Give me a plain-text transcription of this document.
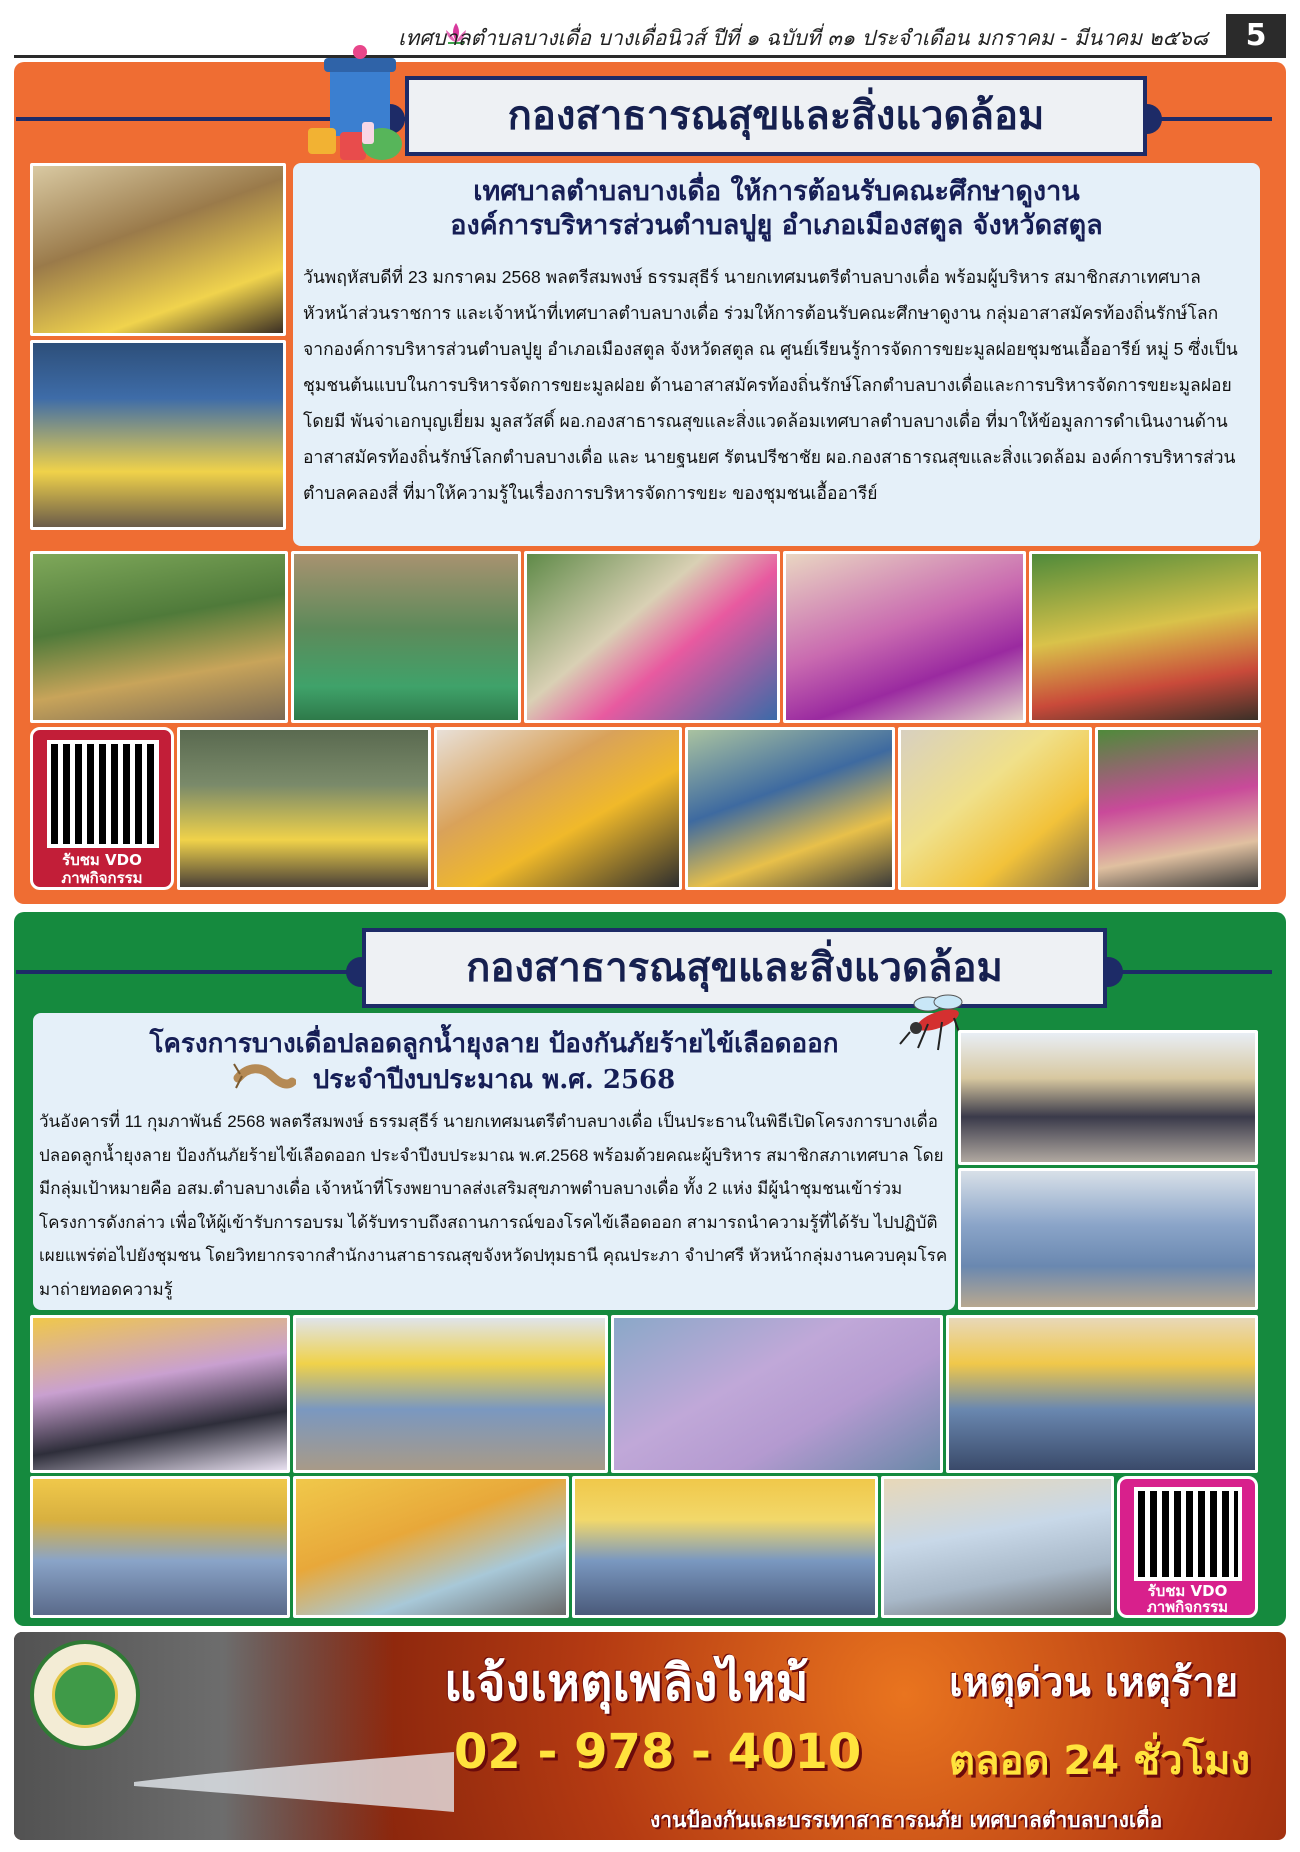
เทศบาลตำบลบางเดื่อ บางเดื่อนิวส์ ปีที่ ๑ ฉบับที่ ๓๑ ประจำเดือน มกราคม - มีนาคม ๒๕๖๘	5
กองสาธารณสุขและสิ่งแวดล้อม
เทศบาลตำบลบางเดื่อ ให้การต้อนรับคณะศึกษาดูงาน
องค์การบริหารส่วนตำบลปูยู อำเภอเมืองสตูล จังหวัดสตูล
วันพฤหัสบดีที่ 23 มกราคม 2568 พลตรีสมพงษ์ ธรรมสุธีร์ นายกเทศมนตรีตำบลบางเดื่อ พร้อมผู้บริหาร สมาชิกสภาเทศบาล หัวหน้าส่วนราชการ และเจ้าหน้าที่เทศบาลตำบลบางเดื่อ ร่วมให้การต้อนรับคณะศึกษาดูงาน กลุ่มอาสาสมัครท้องถิ่นรักษ์โลก จากองค์การบริหารส่วนตำบลปูยู อำเภอเมืองสตูล จังหวัดสตูล ณ ศูนย์เรียนรู้การจัดการขยะมูลฝอยชุมชนเอื้ออารีย์ หมู่ 5 ซึ่งเป็นชุมชนต้นแบบในการบริหารจัดการขยะมูลฝอย ด้านอาสาสมัครท้องถิ่นรักษ์โลกตำบลบางเดื่อและการบริหารจัดการขยะมูลฝอย โดยมี พันจ่าเอกบุญเยี่ยม มูลสวัสดิ์ ผอ.กองสาธารณสุขและสิ่งแวดล้อมเทศบาลตำบลบางเดื่อ ที่มาให้ข้อมูลการดำเนินงานด้านอาสาสมัครท้องถิ่นรักษ์โลกตำบลบางเดื่อ และ นายฐนยศ รัตนปรีชาชัย ผอ.กองสาธารณสุขและสิ่งแวดล้อม องค์การบริหารส่วนตำบลคลองสี่ ที่มาให้ความรู้ในเรื่องการบริหารจัดการขยะ ของชุมชนเอื้ออารีย์
รับชม VDO
ภาพกิจกรรม
กองสาธารณสุขและสิ่งแวดล้อม
โครงการบางเดื่อปลอดลูกน้ำยุงลาย ป้องกันภัยร้ายไข้เลือดออก
ประจำปีงบประมาณ พ.ศ. 2568
วันอังคารที่ 11 กุมภาพันธ์ 2568 พลตรีสมพงษ์ ธรรมสุธีร์ นายกเทศมนตรีตำบลบางเดื่อ เป็นประธานในพิธีเปิดโครงการบางเดื่อปลอดลูกน้ำยุงลาย ป้องกันภัยร้ายไข้เลือดออก ประจำปีงบประมาณ พ.ศ.2568 พร้อมด้วยคณะผู้บริหาร สมาชิกสภาเทศบาล โดยมีกลุ่มเป้าหมายคือ อสม.ตำบลบางเดื่อ เจ้าหน้าที่โรงพยาบาลส่งเสริมสุขภาพตำบลบางเดื่อ ทั้ง 2 แห่ง มีผู้นำชุมชนเข้าร่วมโครงการดังกล่าว เพื่อให้ผู้เข้ารับการอบรม ได้รับทราบถึงสถานการณ์ของโรคไข้เลือดออก สามารถนำความรู้ที่ได้รับ ไปปฏิบัติเผยแพร่ต่อไปยังชุมชน โดยวิทยากรจากสำนักงานสาธารณสุขจังหวัดปทุมธานี คุณประภา จำปาศรี หัวหน้ากลุ่มงานควบคุมโรค มาถ่ายทอดความรู้
รับชม VDO
ภาพกิจกรรม
แจ้งเหตุเพลิงไหม้
02 - 978 - 4010
เหตุด่วน เหตุร้าย
ตลอด 24 ชั่วโมง
งานป้องกันและบรรเทาสาธารณภัย เทศบาลตำบลบางเดื่อ
